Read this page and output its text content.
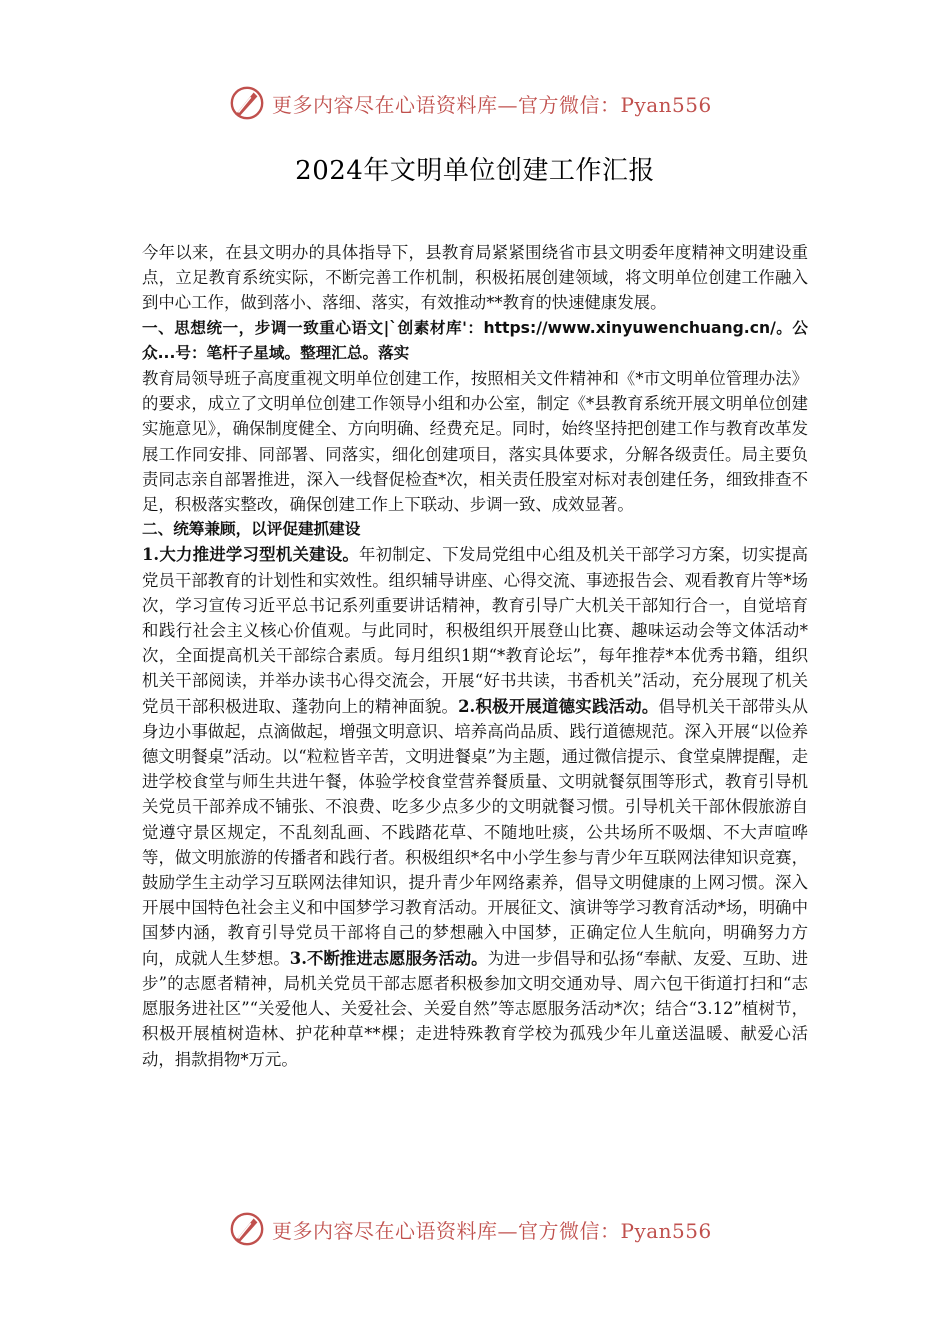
更多内容尽在心语资料库—官方微信：Pyan556
2024年文明单位创建工作汇报

今年以来，在县文明办的具体指导下，县教育局紧紧围绕省市县文明委年度精神文明建设重点，立足教育系统实际，不断完善工作机制，积极拓展创建领域，将文明单位创建工作融入到中心工作，做到落小、落细、落实，有效推动**教育的快速健康发展。

一、思想统一，步调一致重心语文|`创素材库'：https://www.xinyuwenchuang.cn/。公众...号：笔杆子星域。整理汇总。落实

教育局领导班子高度重视文明单位创建工作，按照相关文件精神和《*市文明单位管理办法》的要求，成立了文明单位创建工作领导小组和办公室，制定《*县教育系统开展文明单位创建实施意见》，确保制度健全、方向明确、经费充足。同时，始终坚持把创建工作与教育改革发展工作同安排、同部署、同落实，细化创建项目，落实具体要求，分解各级责任。局主要负责同志亲自部署推进，深入一线督促检查*次，相关责任股室对标对表创建任务，细致排查不足，积极落实整改，确保创建工作上下联动、步调一致、成效显著。

二、统筹兼顾，以评促建抓建设

1.大力推进学习型机关建设。年初制定、下发局党组中心组及机关干部学习方案，切实提高党员干部教育的计划性和实效性。组织辅导讲座、心得交流、事迹报告会、观看教育片等*场次，学习宣传习近平总书记系列重要讲话精神，教育引导广大机关干部知行合一，自觉培育和践行社会主义核心价值观。与此同时，积极组织开展登山比赛、趣味运动会等文体活动*次，全面提高机关干部综合素质。每月组织1期“*教育论坛”，每年推荐*本优秀书籍，组织机关干部阅读，并举办读书心得交流会，开展“好书共读，书香机关”活动，充分展现了机关党员干部积极进取、蓬勃向上的精神面貌。2.积极开展道德实践活动。倡导机关干部带头从身边小事做起，点滴做起，增强文明意识、培养高尚品质、践行道德规范。深入开展“以俭养德文明餐桌”活动。以“粒粒皆辛苦，文明进餐桌”为主题，通过微信提示、食堂桌牌提醒，走进学校食堂与师生共进午餐，体验学校食堂营养餐质量、文明就餐氛围等形式，教育引导机关党员干部养成不铺张、不浪费、吃多少点多少的文明就餐习惯。引导机关干部休假旅游自觉遵守景区规定，不乱刻乱画、不践踏花草、不随地吐痰，公共场所不吸烟、不大声喧哗等，做文明旅游的传播者和践行者。积极组织*名中小学生参与青少年互联网法律知识竞赛，鼓励学生主动学习互联网法律知识，提升青少年网络素养，倡导文明健康的上网习惯。深入开展中国特色社会主义和中国梦学习教育活动。开展征文、演讲等学习教育活动*场，明确中国梦内涵，教育引导党员干部将自己的梦想融入中国梦，正确定位人生航向，明确努力方向，成就人生梦想。3.不断推进志愿服务活动。为进一步倡导和弘扬“奉献、友爱、互助、进步”的志愿者精神，局机关党员干部志愿者积极参加文明交通劝导、周六包干街道打扫和“志愿服务进社区”“关爱他人、关爱社会、关爱自然”等志愿服务活动*次；结合“3.12”植树节，积极开展植树造林、护花种草**棵；走进特殊教育学校为孤残少年儿童送温暖、献爱心活动，捐款捐物*万元。

更多内容尽在心语资料库—官方微信：Pyan556
